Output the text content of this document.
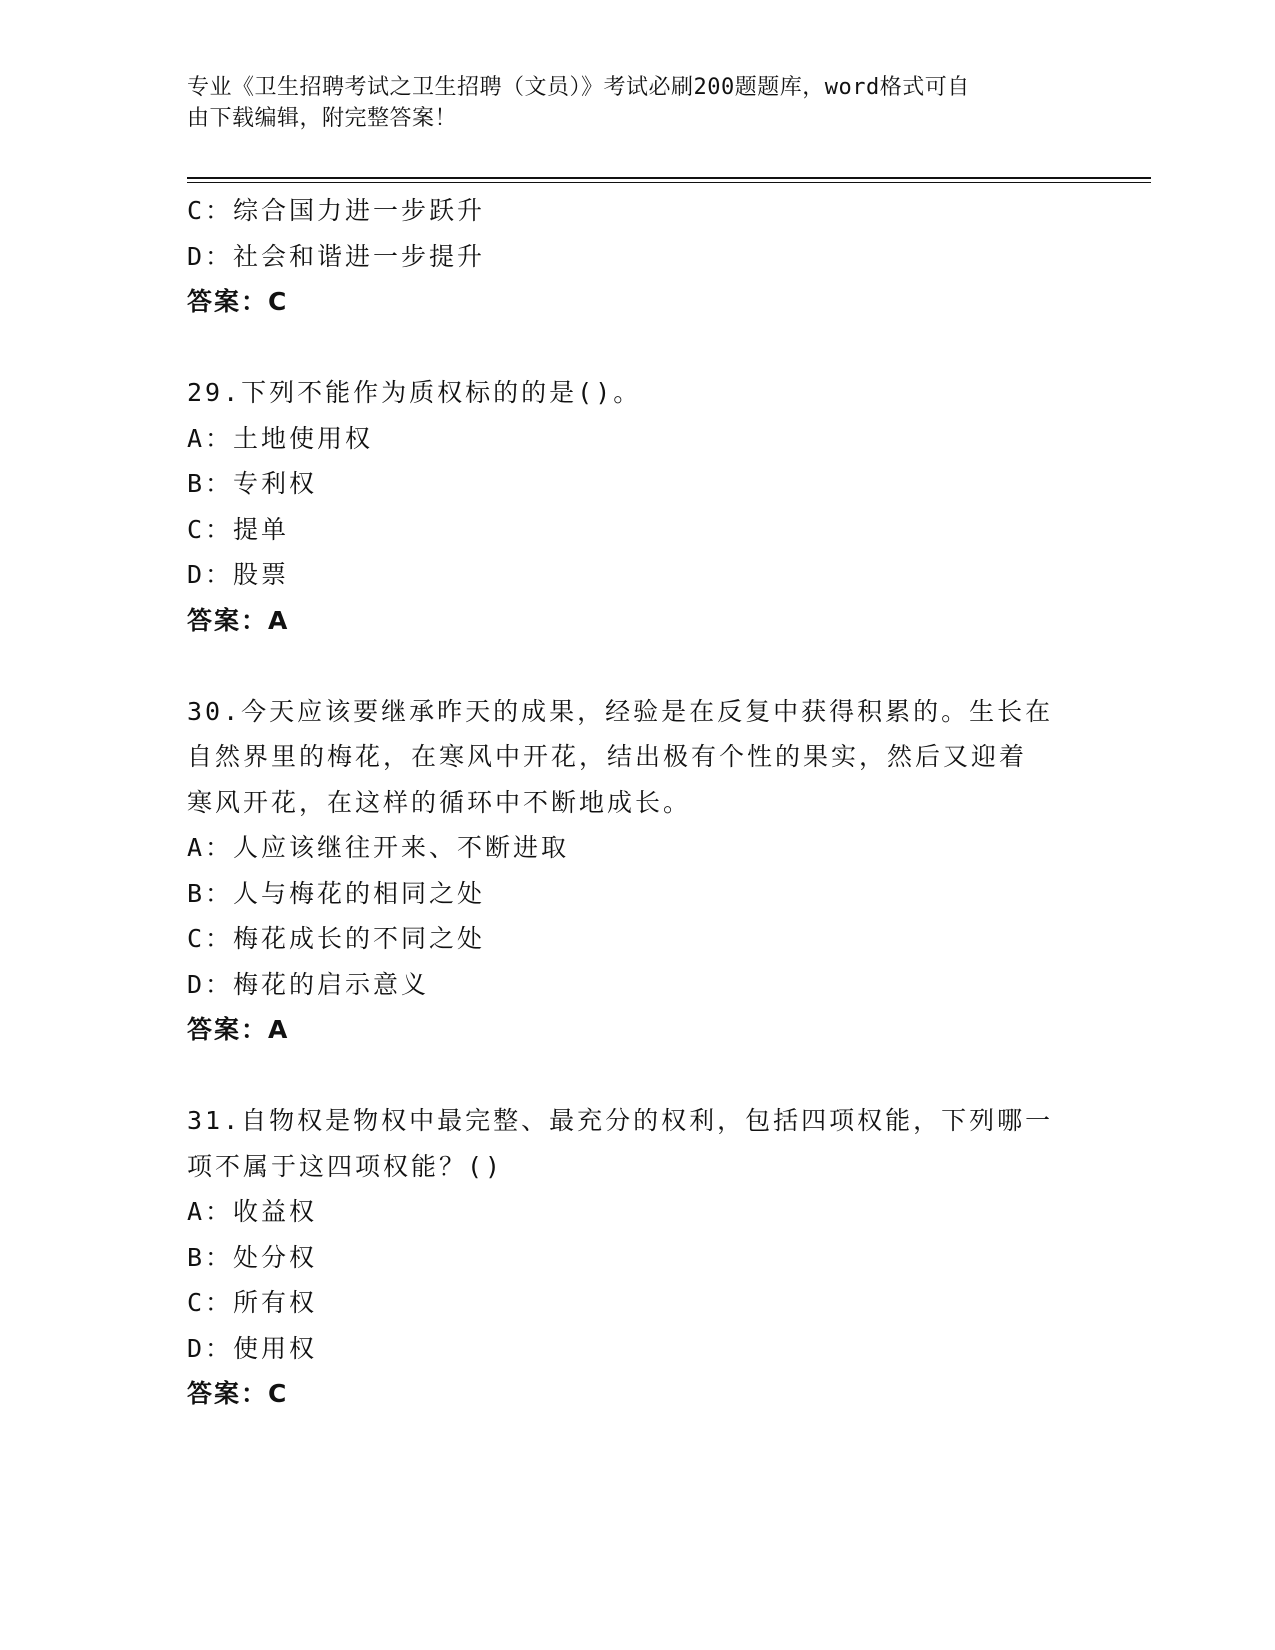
专业《卫生招聘考试之卫生招聘（文员）》考试必刷200题题库，word格式可自
由下载编辑，附完整答案！
C：综合国力进一步跃升
D：社会和谐进一步提升
答案：C
29.下列不能作为质权标的的是()。
A：土地使用权
B：专利权
C：提单
D：股票
答案：A
30.今天应该要继承昨天的成果，经验是在反复中获得积累的。生长在
自然界里的梅花，在寒风中开花，结出极有个性的果实，然后又迎着
寒风开花，在这样的循环中不断地成长。
A：人应该继往开来、不断进取
B：人与梅花的相同之处
C：梅花成长的不同之处
D：梅花的启示意义
答案：A
31.自物权是物权中最完整、最充分的权利，包括四项权能，下列哪一
项不属于这四项权能？()
A：收益权
B：处分权
C：所有权
D：使用权
答案：C
